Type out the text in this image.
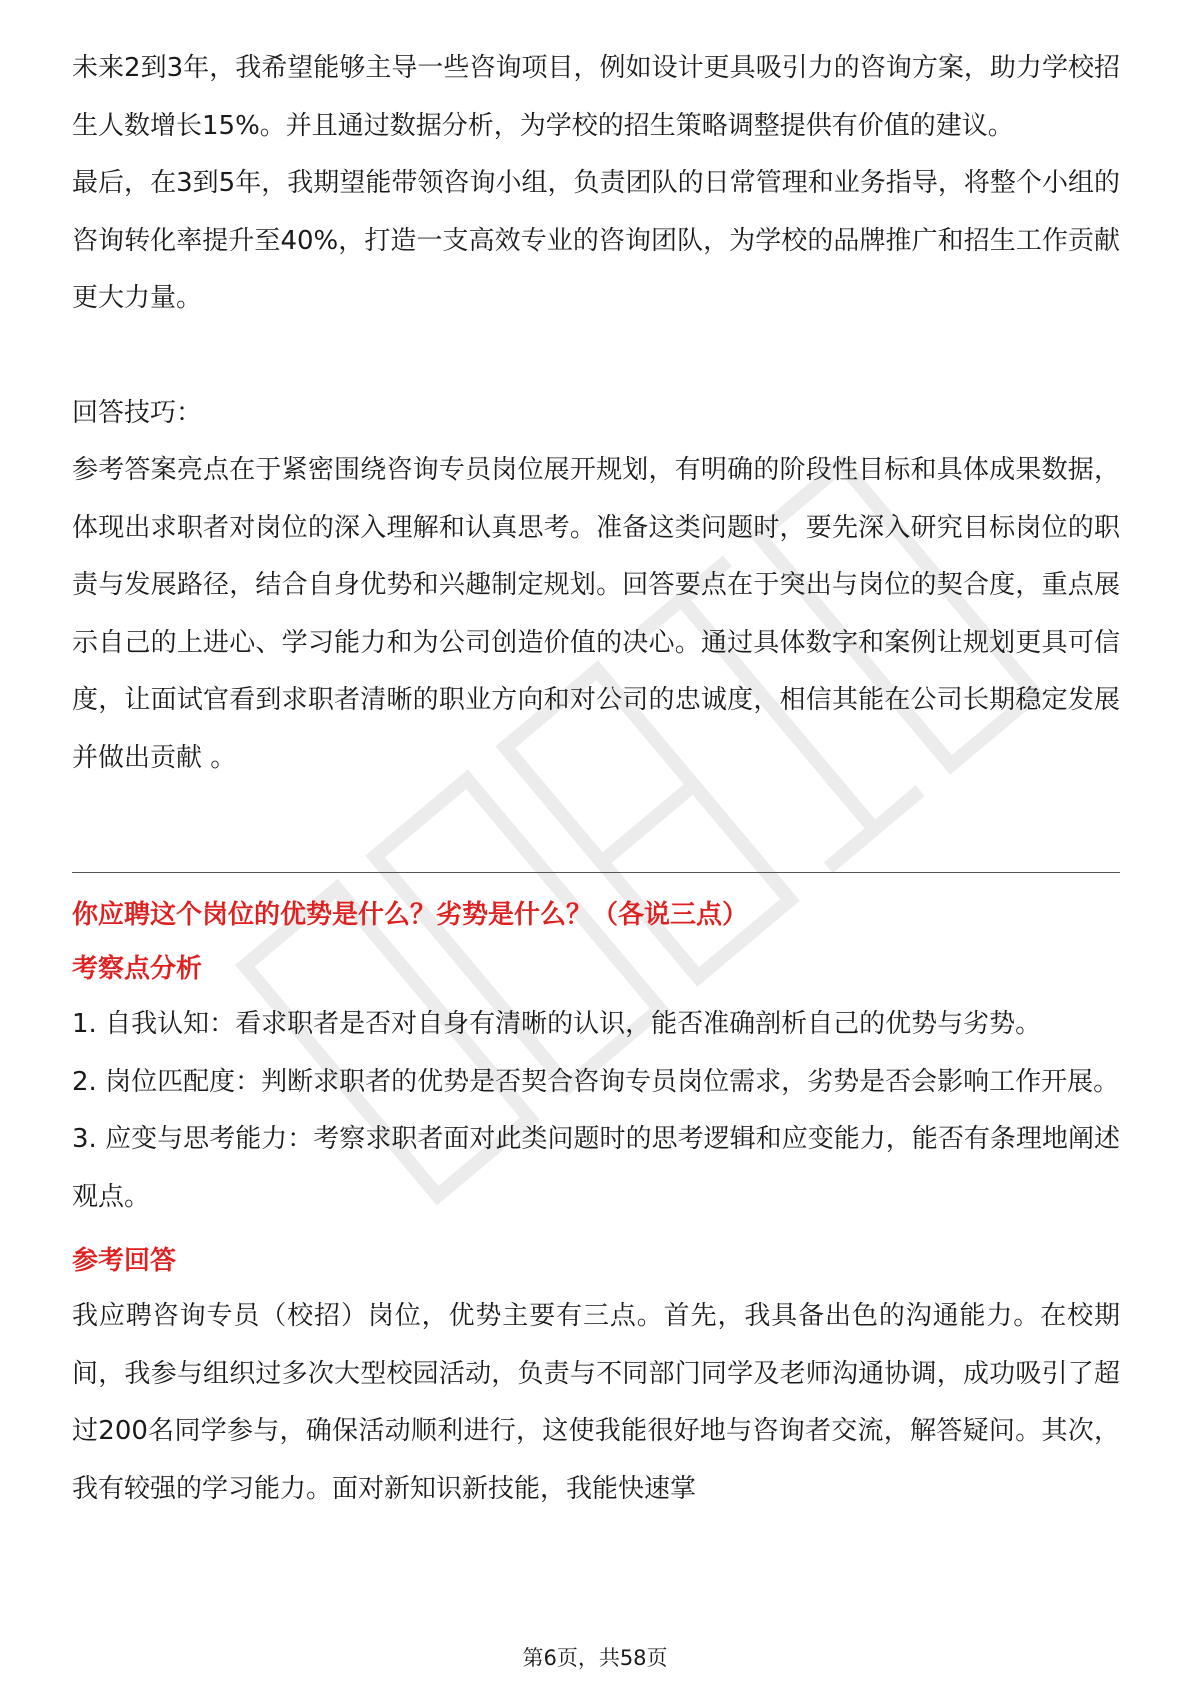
未来2到3年，我希望能够主导一些咨询项目，例如设计更具吸引力的咨询方案，助力学校招生人数增长15%。并且通过数据分析，为学校的招生策略调整提供有价值的建议。

最后，在3到5年，我期望能带领咨询小组，负责团队的日常管理和业务指导，将整个小组的咨询转化率提升至40%，打造一支高效专业的咨询团队，为学校的品牌推广和招生工作贡献更大力量。

回答技巧：

参考答案亮点在于紧密围绕咨询专员岗位展开规划，有明确的阶段性目标和具体成果数据，体现出求职者对岗位的深入理解和认真思考。准备这类问题时，要先深入研究目标岗位的职责与发展路径，结合自身优势和兴趣制定规划。回答要点在于突出与岗位的契合度，重点展示自己的上进心、学习能力和为公司创造价值的决心。通过具体数字和案例让规划更具可信度，让面试官看到求职者清晰的职业方向和对公司的忠诚度，相信其能在公司长期稳定发展并做出贡献 。

你应聘这个岗位的优势是什么？劣势是什么？（各说三点）

考察点分析

1. 自我认知：看求职者是否对自身有清晰的认识，能否准确剖析自己的优势与劣势。

2. 岗位匹配度：判断求职者的优势是否契合咨询专员岗位需求，劣势是否会影响工作开展。

3. 应变与思考能力：考察求职者面对此类问题时的思考逻辑和应变能力，能否有条理地阐述观点。

参考回答

我应聘咨询专员（校招）岗位，优势主要有三点。首先，我具备出色的沟通能力。在校期间，我参与组织过多次大型校园活动，负责与不同部门同学及老师沟通协调，成功吸引了超过200名同学参与，确保活动顺利进行，这使我能很好地与咨询者交流，解答疑问。其次，我有较强的学习能力。面对新知识新技能，我能快速掌

第6页，共58页
